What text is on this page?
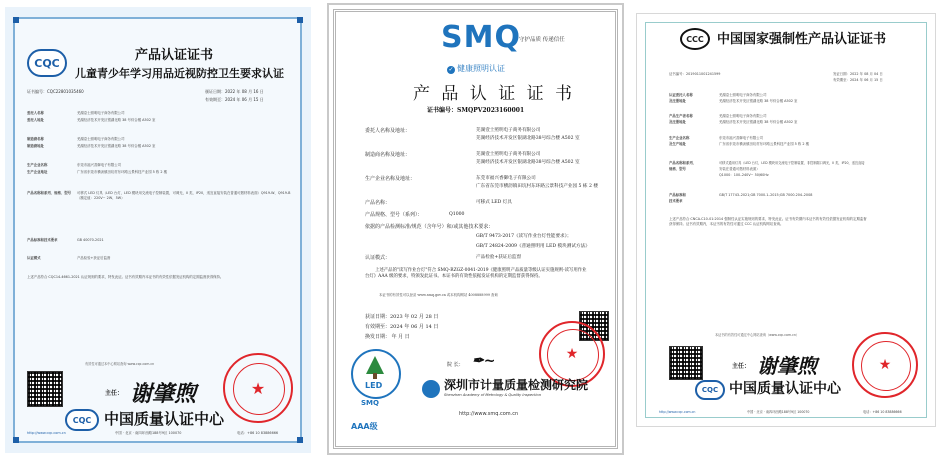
CQC	产品认证证书
儿童青少年学习用品近视防控卫生要求认证
证书编号：CQC22801035460	颁证日期：2022 年 08 月 16 日
有效期至：2024 年 06 月 15 日
委托人名称	芜湖壹士照明电子商务有限公司
委托人地址	芜湖经济技术开发区银湖北路 38 号综合楼 A502 室
制造商名称	芜湖壹士照明电子商务有限公司
制造商地址	芜湖经济技术开发区银湖北路 38 号综合楼 A502 室
生产企业名称	东莞市福兴香御电子有限公司
生产企业地址	广东省东莞市横沥镇田坑村东环路云景科技产业园 5 栋 2 楼
产品名称和系列、规格、型号	可移式 LED 灯具（LED 台灯，LED 模块用交流电子控制装置，可调光，II 类，IP20，适宜直接安装在普通可燃材料表面）Q919-W、Q919-B（额定值：220V~ 2W、5W）
产品标准和技术要求	GB 40070-2021
认证模式	产品检验+获证后监督
上述产品符合 CQC14-4661-2021 认证规则的要求，特发此证。证书有效期内本证书的有效性依据发证机构的定期监督获得保持。
有效性可通过本中心网站查询 www.cqc.com.cn
主任： 谢肇煦	★
CQC 中国质量认证中心
http://www.cqc.com.cn	中国 · 北京 · 南四环西路188号9区 100070	电话：+86 10 83886666
SMQ
守护品质 传递信任
✓ 健康照明认证
产 品 认 证 证 书
证书编号：SMQPV2023160001
委托人名称及地址：	芜湖壹士照明电子商务有限公司
芜湖经济技术开发区银湖北路38号综合楼 A502 室
制造商名称及地址：	芜湖壹士照明电子商务有限公司
芜湖经济技术开发区银湖北路38号综合楼 A502 室
生产企业名称及地址：	东莞市福兴香御电子有限公司
广东省东莞市横沥镇田坑村东环路云景科技产业园 5 栋 2 楼
产品名称：	可移式 LED 灯具
产品规格、型号（系列）：	Q1000
依据的产品检测标准/规范（含年号）和/或其他技术要求：
GB/T 9473-2017《读写作业台灯性能要求》；
GB/T 24824-2009《普通照明用 LED 模块测试方法》
认证模式：	产品检验+获证后监督
上述产品的"读写作业台灯"符合 SMQ-RZGZ-0041-2019《健康照明产品质量等级认证实施规则-读写用作业台灯》AAA 级的要求，特颁发此证书。本证书的有效性依据发证机构的定期监督获得保持。
本证书的有效性可以登录 www.smq.gov.cn 或本机构网站 4008888999 查询
获证日期：2023 年 02 月 28 日
有效期至：2024 年 06 月 14 日
换发日期： 年 月 日
LED
SMQ
AAA级
院 长： ✒︎~	★
深圳市计量质量检测研究院
Shenzhen Academy of Metrology & Quality Inspection
http://www.smq.com.cn
CCC 中国国家强制性产品认证证书
证书编号：2019011001241599	发证日期：2022 年 08 月 04 日
有效期至：2024 年 06 月 15 日
认证委托人名称	芜湖壹士照明电子商务有限公司
及注册地址	芜湖经济技术开发区银湖北路 38 号综合楼 A502 室
产品生产者名称	芜湖壹士照明电子商务有限公司
及注册地址	芜湖经济技术开发区银湖北路 38 号综合楼 A502 室
生产企业名称	东莞市福兴香御电子有限公司
及生产地址	广东省东莞市横沥镇田坑村东环路云景科技产业园 5 栋 2 楼
产品名称和系列、	可移式通用灯具（LED 台灯，LED 模块用交流电子控制装置，非控制端口调光，II 类，IP20，适宜直接
规格、型号	安装在普通可燃材料表面）
Q1000：100–240V~ 50/60Hz
产品标准和	GB/T 17743–2021;GB 7000.1–2015;GB 7000.204–2008
技术要求
上述产品符合 CNCA-C10-01:2014 强制性认证实施规则的要求，特发此证。证书有效期内本证书的有效性依据发证机构的定期监督获得保持。证书有效期内，本证书的有效性可通过 CCC 认证机构网站查询。
本证书的有效性可通过中心网站查询（www.cqc.com.cn）
主任： 谢肇煦	★
CQC 中国质量认证中心
http://www.cqc.com.cn	中国 · 北京 · 南四环西路188号9区 100070	电话：+86 10 83886666
